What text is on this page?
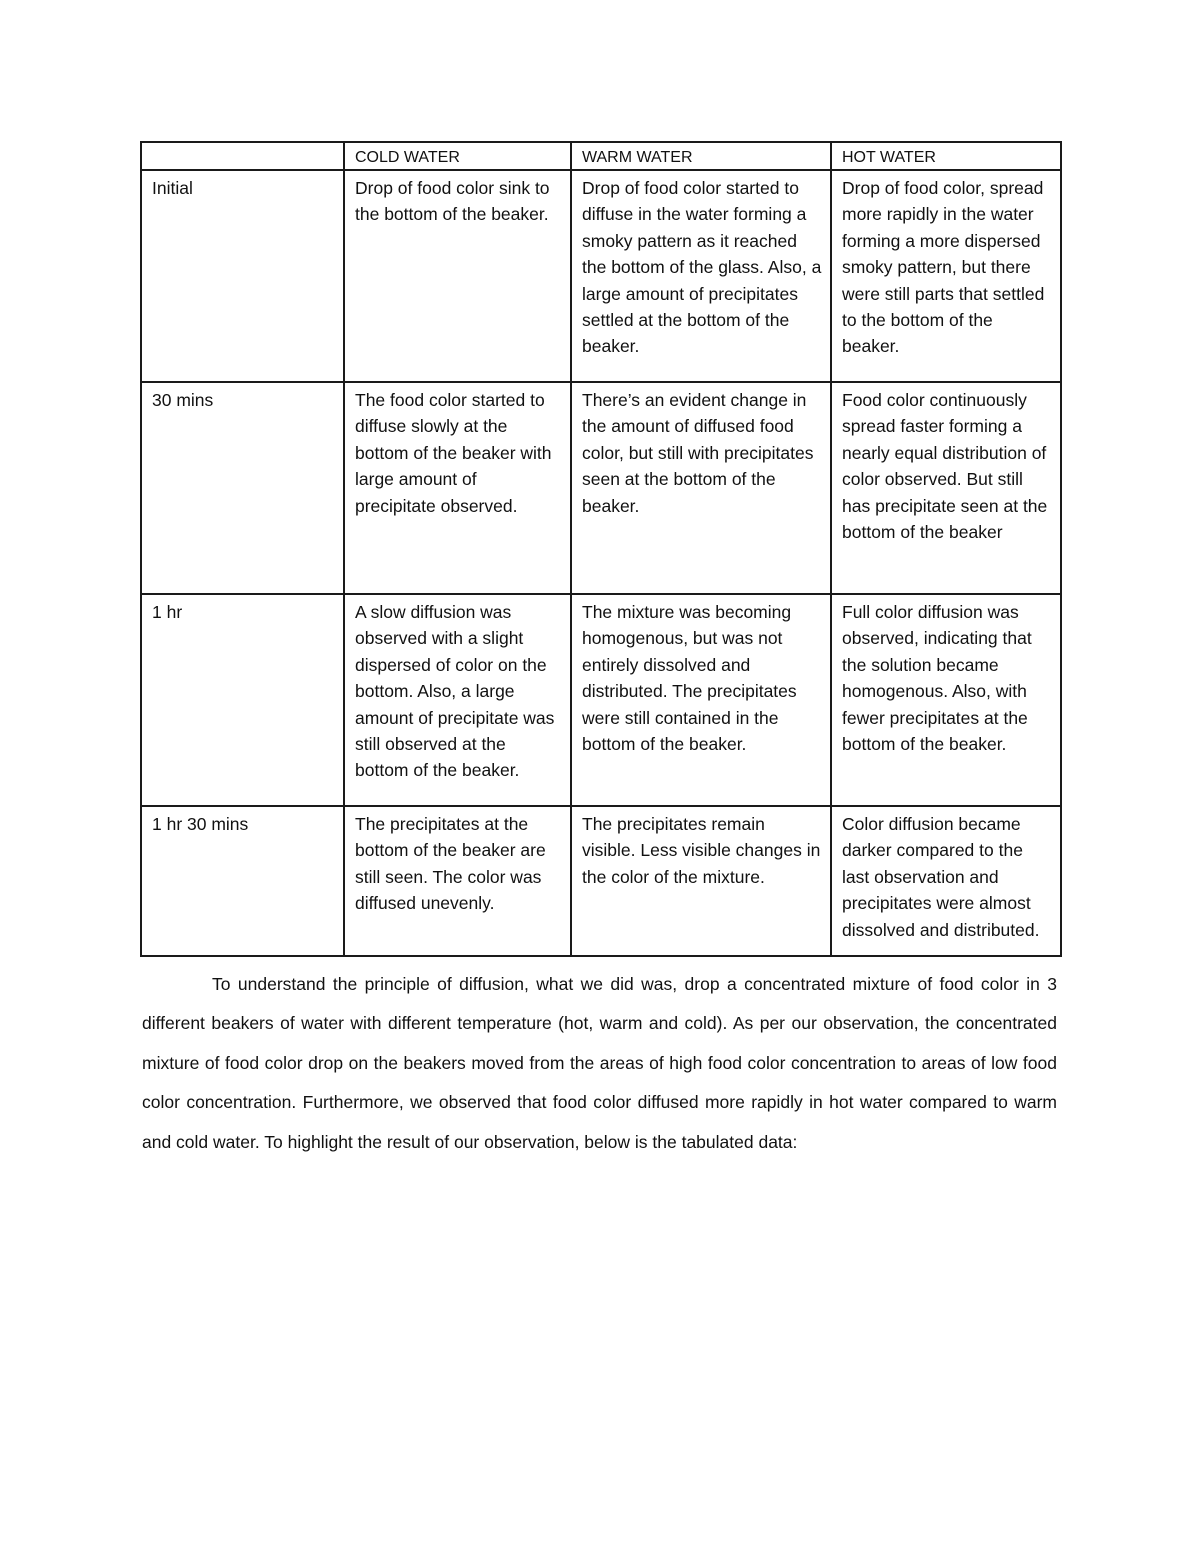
	COLD WATER	WARM WATER	HOT WATER
Initial	Drop of food color sink to the bottom of the beaker.	Drop of food color started to diffuse in the water forming a smoky pattern as it reached the bottom of the glass. Also, a large amount of precipitates settled at the bottom of the beaker.	Drop of food color, spread more rapidly in the water forming a more dispersed smoky pattern, but there were still parts that settled to the bottom of the beaker.
30 mins	The food color started to diffuse slowly at the bottom of the beaker with large amount of precipitate observed.	There’s an evident change in the amount of diffused food color, but still with precipitates seen at the bottom of the beaker.	Food color continuously spread faster forming a nearly equal distribution of color observed. But still has precipitate seen at the bottom of the beaker
1 hr	A slow diffusion was observed with a slight dispersed of color on the bottom. Also, a large amount of precipitate was still observed at the bottom of the beaker.	The mixture was becoming homogenous, but was not entirely dissolved and distributed. The precipitates were still contained in the bottom of the beaker.	Full color diffusion was observed, indicating that the solution became homogenous. Also, with fewer precipitates at the bottom of the beaker.
1 hr 30 mins	The precipitates at the bottom of the beaker are still seen. The color was diffused unevenly.	The precipitates remain visible. Less visible changes in the color of the mixture.	Color diffusion became darker compared to the last observation and precipitates were almost dissolved and distributed.

To understand the principle of diffusion, what we did was, drop a concentrated mixture of food color in 3 different beakers of water with different temperature (hot, warm and cold). As per our observation, the concentrated mixture of food color drop on the beakers moved from the areas of high food color concentration to areas of low food color concentration. Furthermore, we observed that food color diffused more rapidly in hot water compared to warm and cold water. To highlight the result of our observation, below is the tabulated data:
